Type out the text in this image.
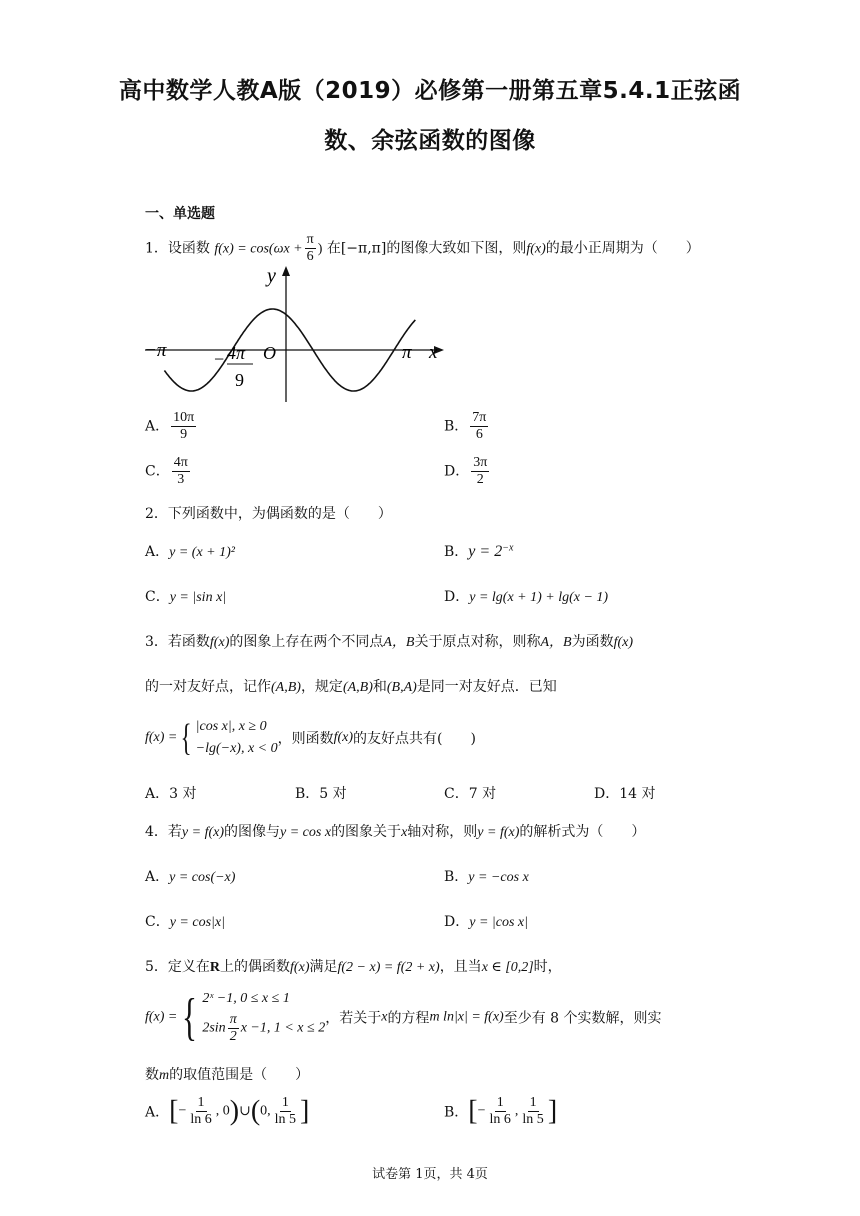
高中数学人教A版（2019）必修第一册第五章5.4.1正弦函
数、余弦函数的图像
一、单选题
1．设函数 $f(x) = \cos(\omega x + \frac{\pi}{6}$ ) 在[−π,π]的图像大致如下图，则f(x)的最小正周期为（　　）
y
x
O
−π	π
− 4π
9
A． $\frac{10\pi}{9}$	B． $\frac{7\pi}{6}$
C． $\frac{4\pi}{3}$	D． $\frac{3\pi}{2}$
2．下列函数中，为偶函数的是（　　）
A．y = (x + 1)²	B．$y = 2^{-x}$
C．y = |sin x|	D．y = lg(x + 1) + lg(x − 1)
3．若函数f(x)的图象上存在两个不同点A，B关于原点对称，则称A，B为函数f(x)
的一对友好点，记作(A,B)，规定(A,B)和(B,A)是同一对友好点．已知
f(x) ={ |cos x|, x ≥ 0
−lg(−x), x < 0
，则函数f(x)的友好点共有(　　)
A．3 对	B．5 对	C．7 对	D．14 对
4．若y = f(x)的图像与y = cos x的图象关于x轴对称，则y = f(x)的解析式为（　　）
A．y = cos(−x)	B．y = −cos x
C．y = cos|x|	D．y = |cos x|
5．定义在R上的偶函数f(x)满足f(2 − x) = f(2 + x)，且当x ∈ [0,2]时，
f(x) ={ 2ˣ −1, 0 ≤ x ≤ 1
$2\sin \frac{\pi}{2}$ x −1, 1 < x ≤ 2
，若关于x的方程m ln|x| = f(x)至少有 8 个实数解，则实
数m的取值范围是（　　）
A．[− $\frac{1}{\ln 6}$ , 0)∪(0, $\frac{1}{\ln 5}$ ]	B．[− $\frac{1}{\ln 6}$ , $\frac{1}{\ln 5}$ ]
试卷第 1页，共 4页
